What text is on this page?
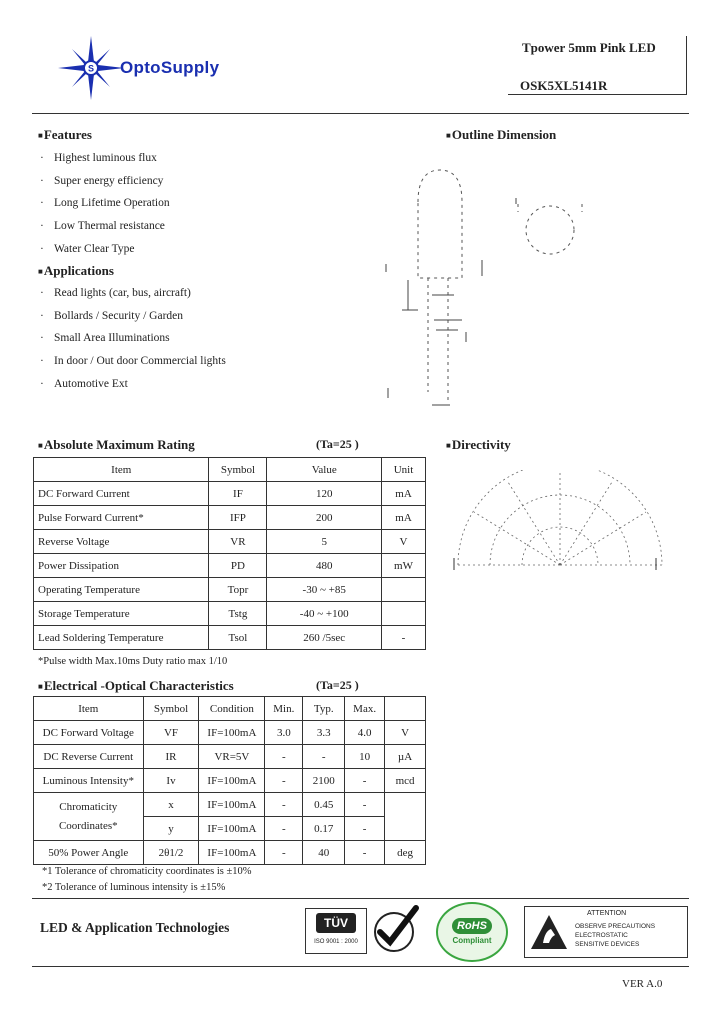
S OptoSupply
Tpower 5mm Pink LED
OSK5XL5141R
■Features
· Highest luminous flux
· Super energy efficiency
· Long Lifetime Operation
· Low Thermal resistance
· Water Clear Type
■Applications
· Read lights (car, bus, aircraft)
· Bollards / Security / Garden
· Small Area Illuminations
· In door / Out door Commercial lights
· Automotive Ext
■Outline Dimension
■Directivity
■Absolute Maximum Rating	(Ta=25 )
Item	Symbol	Value	Unit
DC Forward Current	IF	120	mA
Pulse Forward Current*	IFP	200	mA
Reverse Voltage	VR	5	V
Power Dissipation	PD	480	mW
Operating Temperature	Topr	-30 ~ +85	
Storage Temperature	Tstg	-40 ~ +100	
Lead Soldering Temperature	Tsol	260 /5sec	-
*Pulse width Max.10ms Duty ratio max 1/10
■Electrical -Optical Characteristics	(Ta=25 )
Item	Symbol	Condition	Min.	Typ.	Max.	
DC Forward Voltage	VF	IF=100mA	3.0	3.3	4.0	V
DC Reverse Current	IR	VR=5V	-	-	10	µA
Luminous Intensity*	Iv	IF=100mA	-	2100	-	mcd
Chromaticity
Coordinates*	x	IF=100mA	-	0.45	-	
	y	IF=100mA	-	0.17	-	
50% Power Angle	2θ1/2	IF=100mA	-	40	-	deg
*1 Tolerance of chromaticity coordinates is ±10%
*2 Tolerance of luminous intensity is ±15%
LED & Application Technologies	TÜV
ISO 9001 : 2000
RoHS
Compliant
ATTENTION
OBSERVE PRECAUTIONS
ELECTROSTATIC
SENSITIVE DEVICES
VER A.0
